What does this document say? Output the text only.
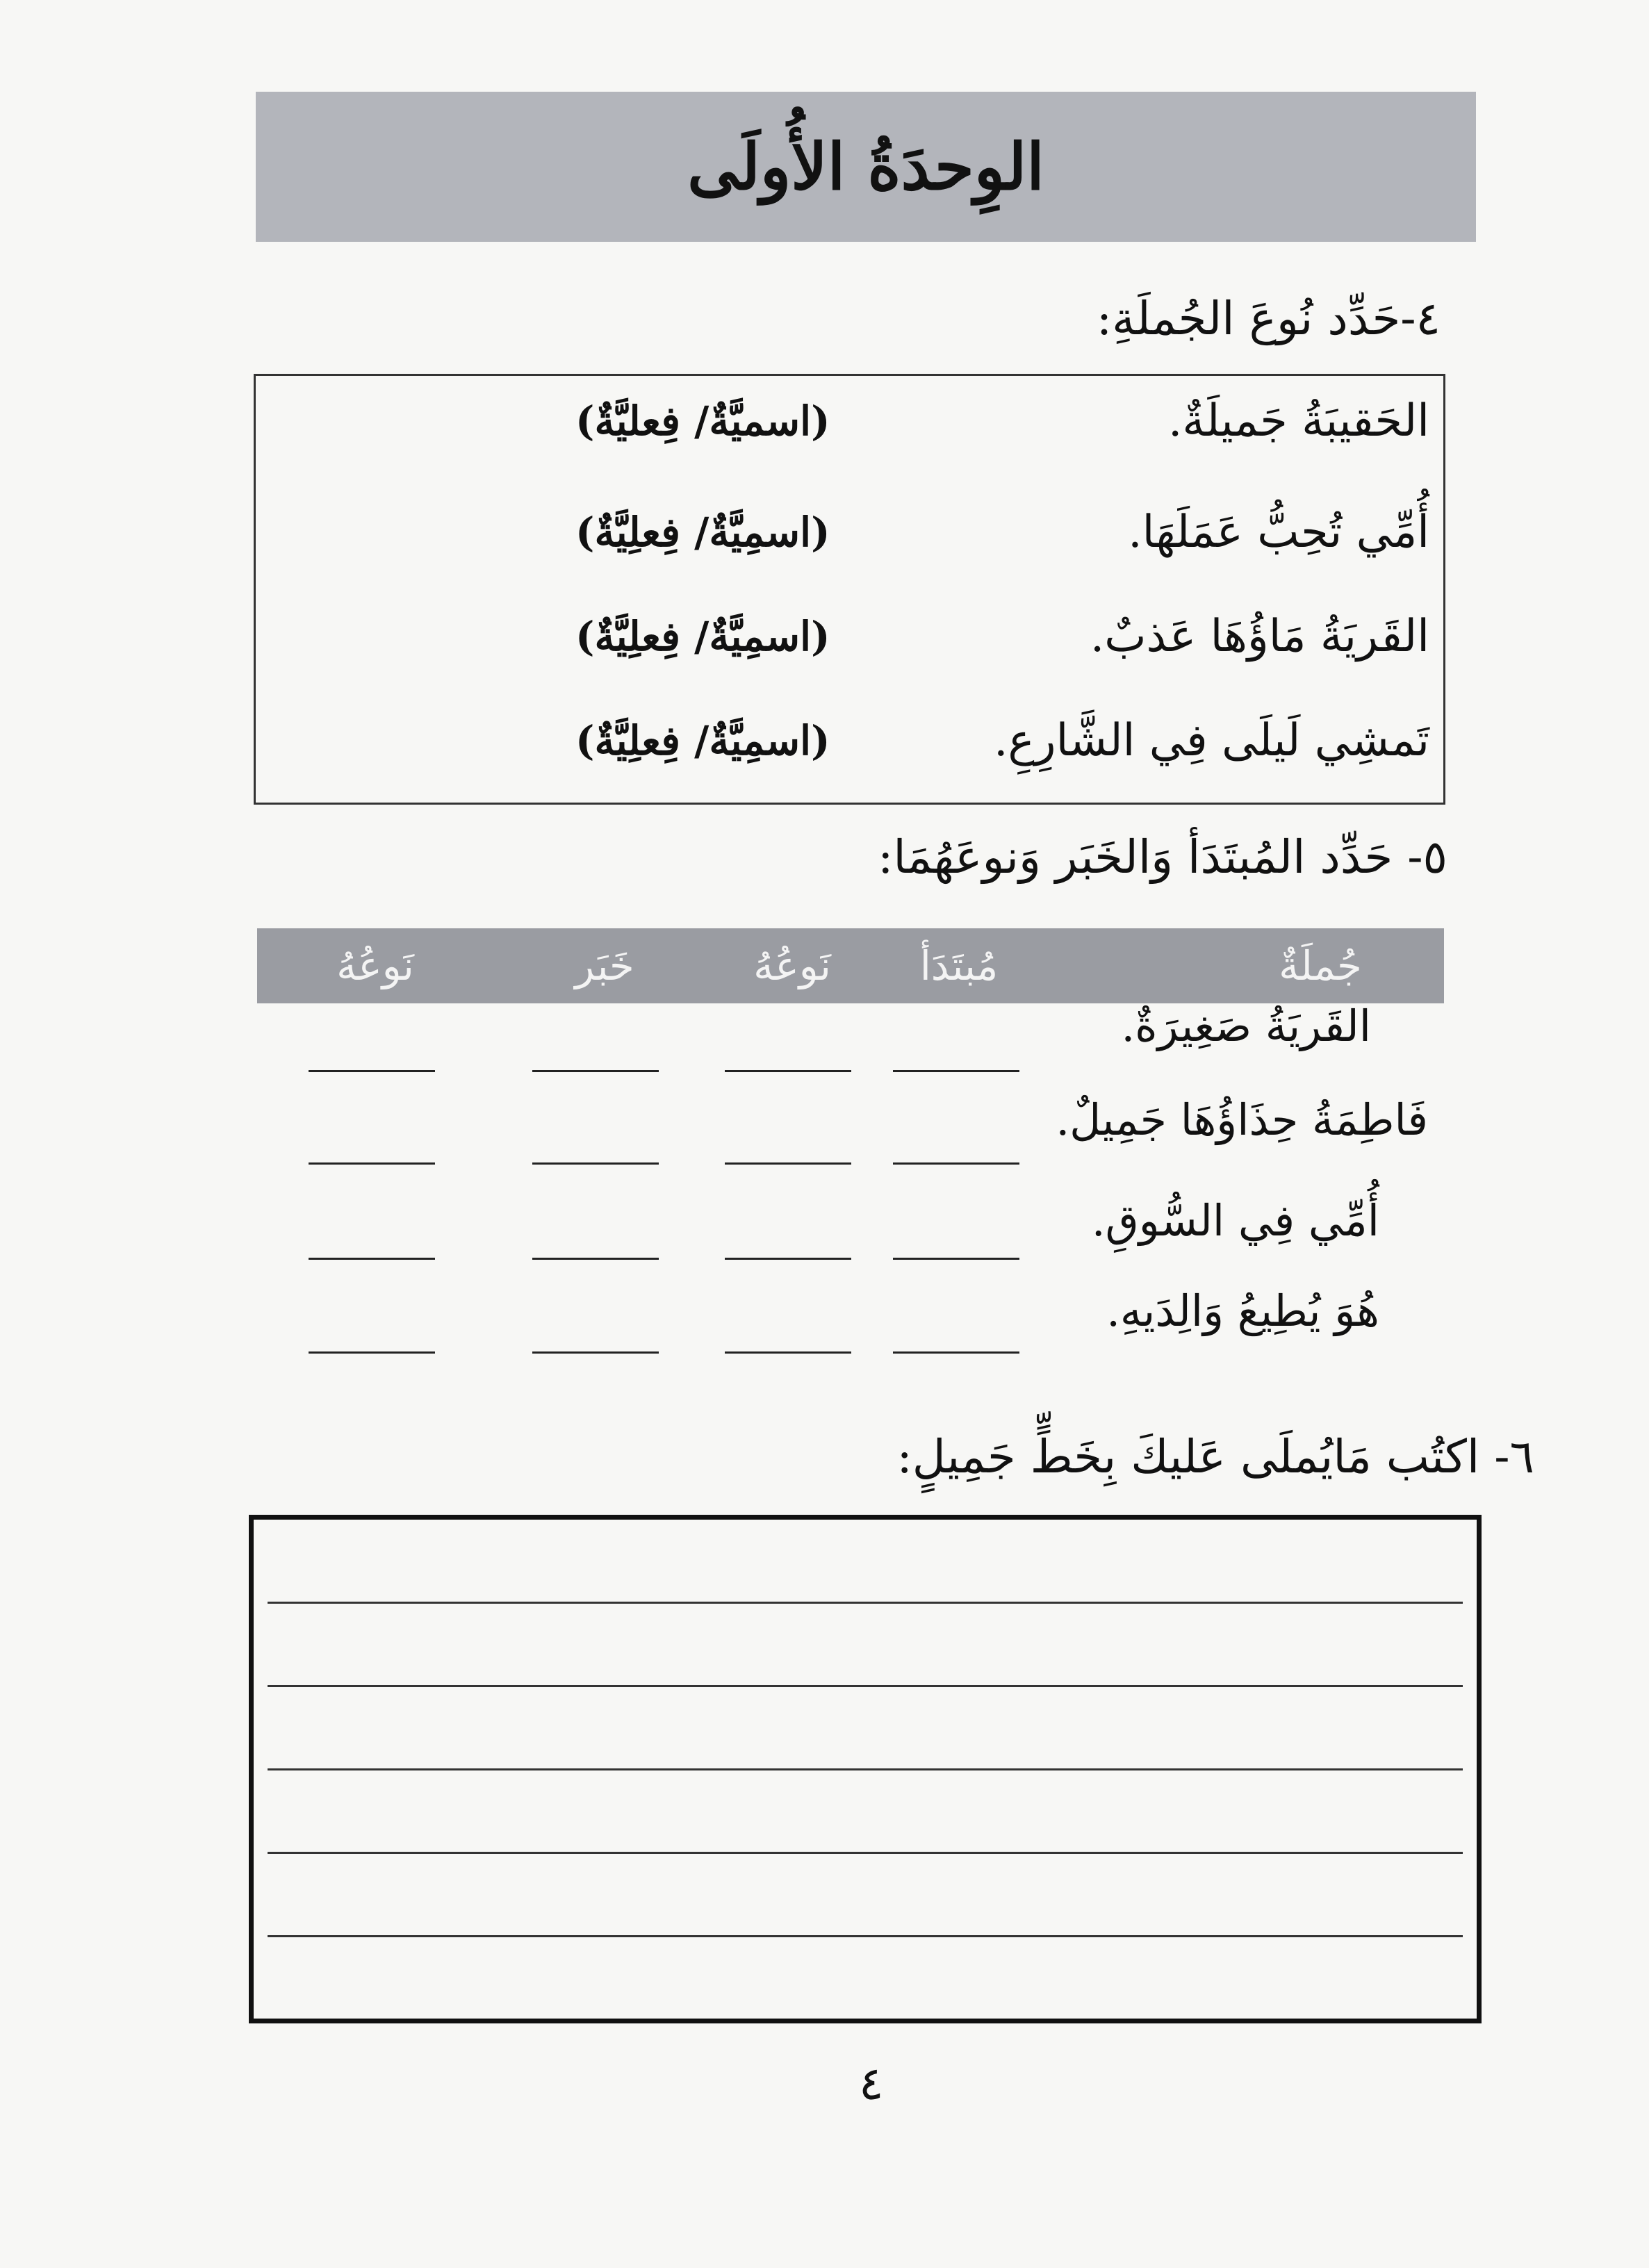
الوِحدَةُ الأُولَى
٤-حَدِّد نُوعَ الجُملَةِ:
الحَقيبَةُ جَميلَةٌ.
(اسميَّةٌ/ فِعليَّةٌ)
أُمِّي تُحِبُّ عَمَلَهَا.
(اسمِيَّةٌ/ فِعلِيَّةٌ)
القَريَةُ مَاؤُهَا عَذبٌ.
(اسمِيَّةٌ/ فِعلِيَّةٌ)
تَمشِي لَيلَى فِي الشَّارِعِ.
(اسمِيَّةٌ/ فِعلِيَّةٌ)
٥- حَدِّد المُبتَدَأ وَالخَبَر وَنوعَهُمَا:
جُملَةٌ
مُبتَدَأ
نَوعُهُ
خَبَر
نَوعُهُ
القَريَةُ صَغِيرَةٌ.
فَاطِمَةُ حِذَاؤُهَا جَمِيلٌ.
أُمِّي فِي السُّوقِ.
هُوَ يُطِيعُ وَالِدَيهِ.
٦- اكتُب مَايُملَى عَليكَ بِخَطٍّ جَمِيلٍ:
٤
